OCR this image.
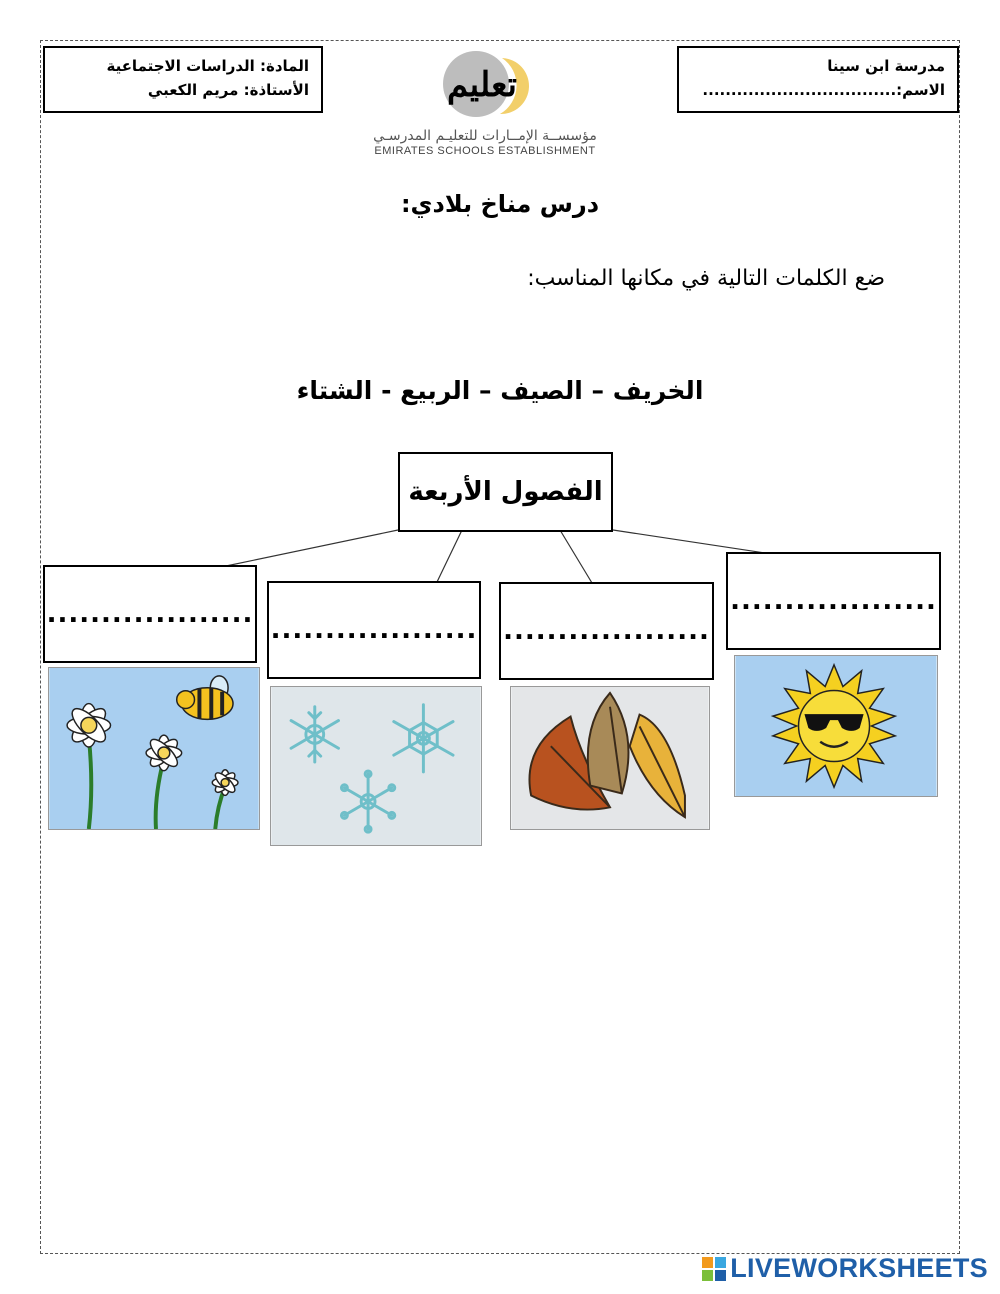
المادة: الدراسات الاجتماعية
الأستاذة: مريم الكعبي
مدرسة ابن سينا
الاسم:..................................
تعليم
مؤسســة الإمــارات للتعليـم المدرسـي
EMIRATES SCHOOLS ESTABLISHMENT
درس مناخ بلادي:
ضع الكلمات التالية في مكانها المناسب:
الخريف – الصيف – الربيع - الشتاء
الفصول الأربعة
...................
................... ...................
...................
LIVEWORKSHEETS
